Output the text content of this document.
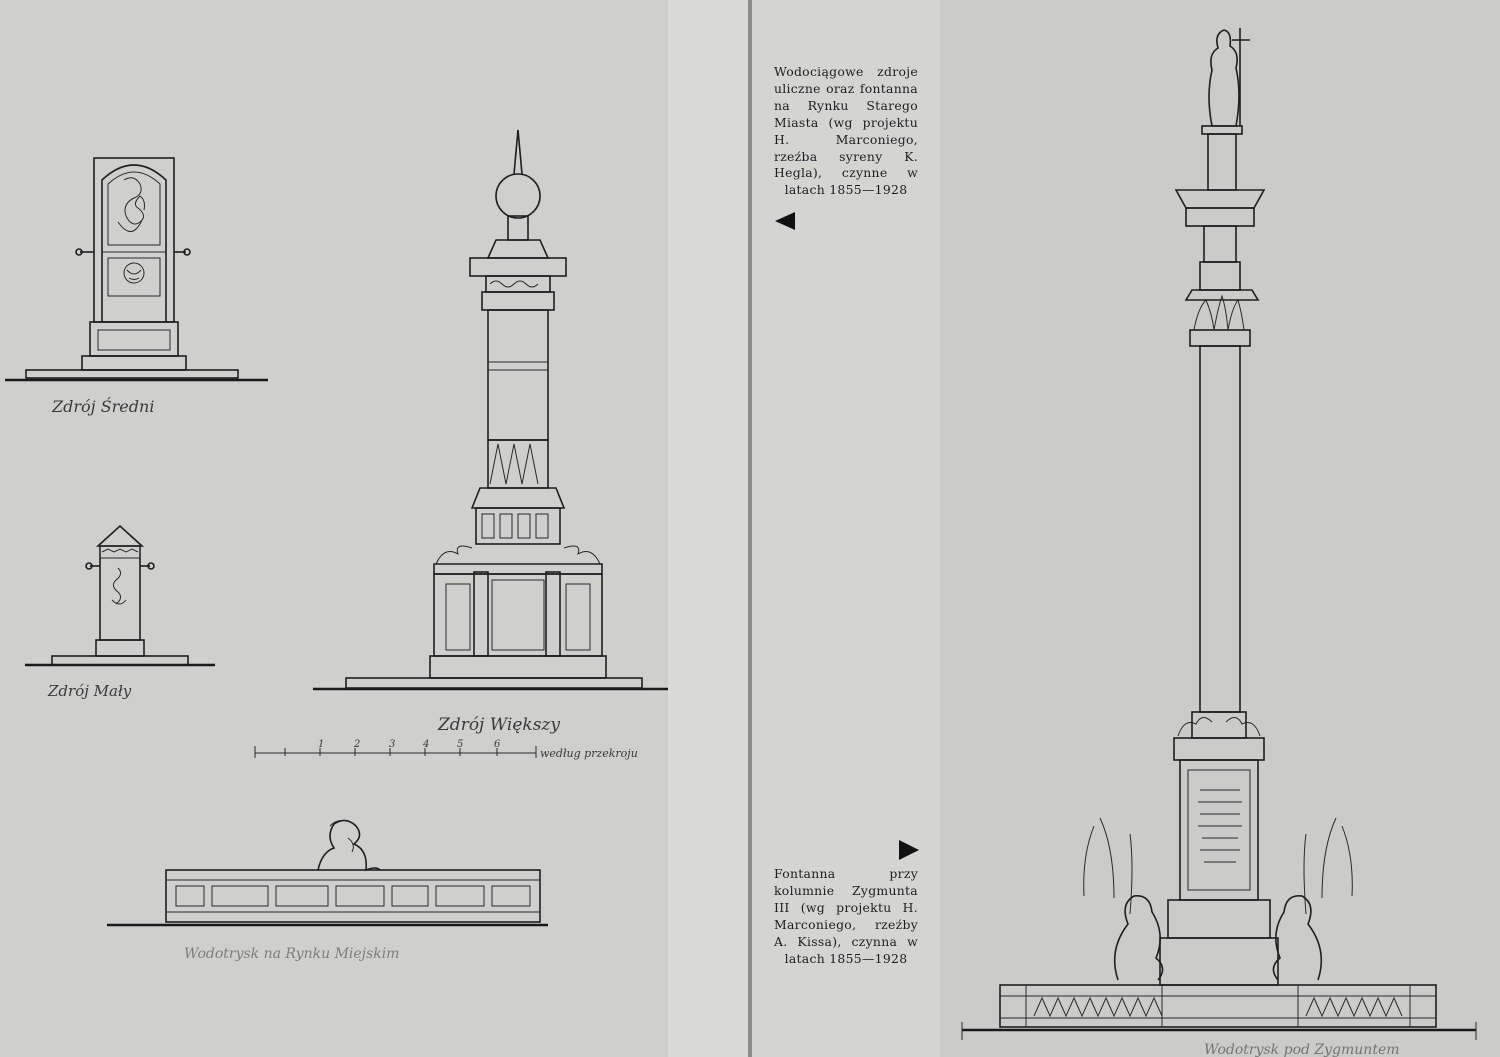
Zdrój Średni
Zdrój Mały
Zdrój Większy
1	2	3	4	5	6
według przekroju
Wodotrysk na Rynku Miejskim
Wodotrysk pod Zygmuntem
Wodociągowe zdroje uliczne oraz fontanna na Rynku Starego Miasta (wg projektu H. Marconiego, rzeźba syreny K. Hegla), czynne w latach 1855—1928
Fontanna przy kolumnie Zygmunta III (wg projektu H. Marconiego, rzeźby A. Kissa), czynna w latach 1855—1928
